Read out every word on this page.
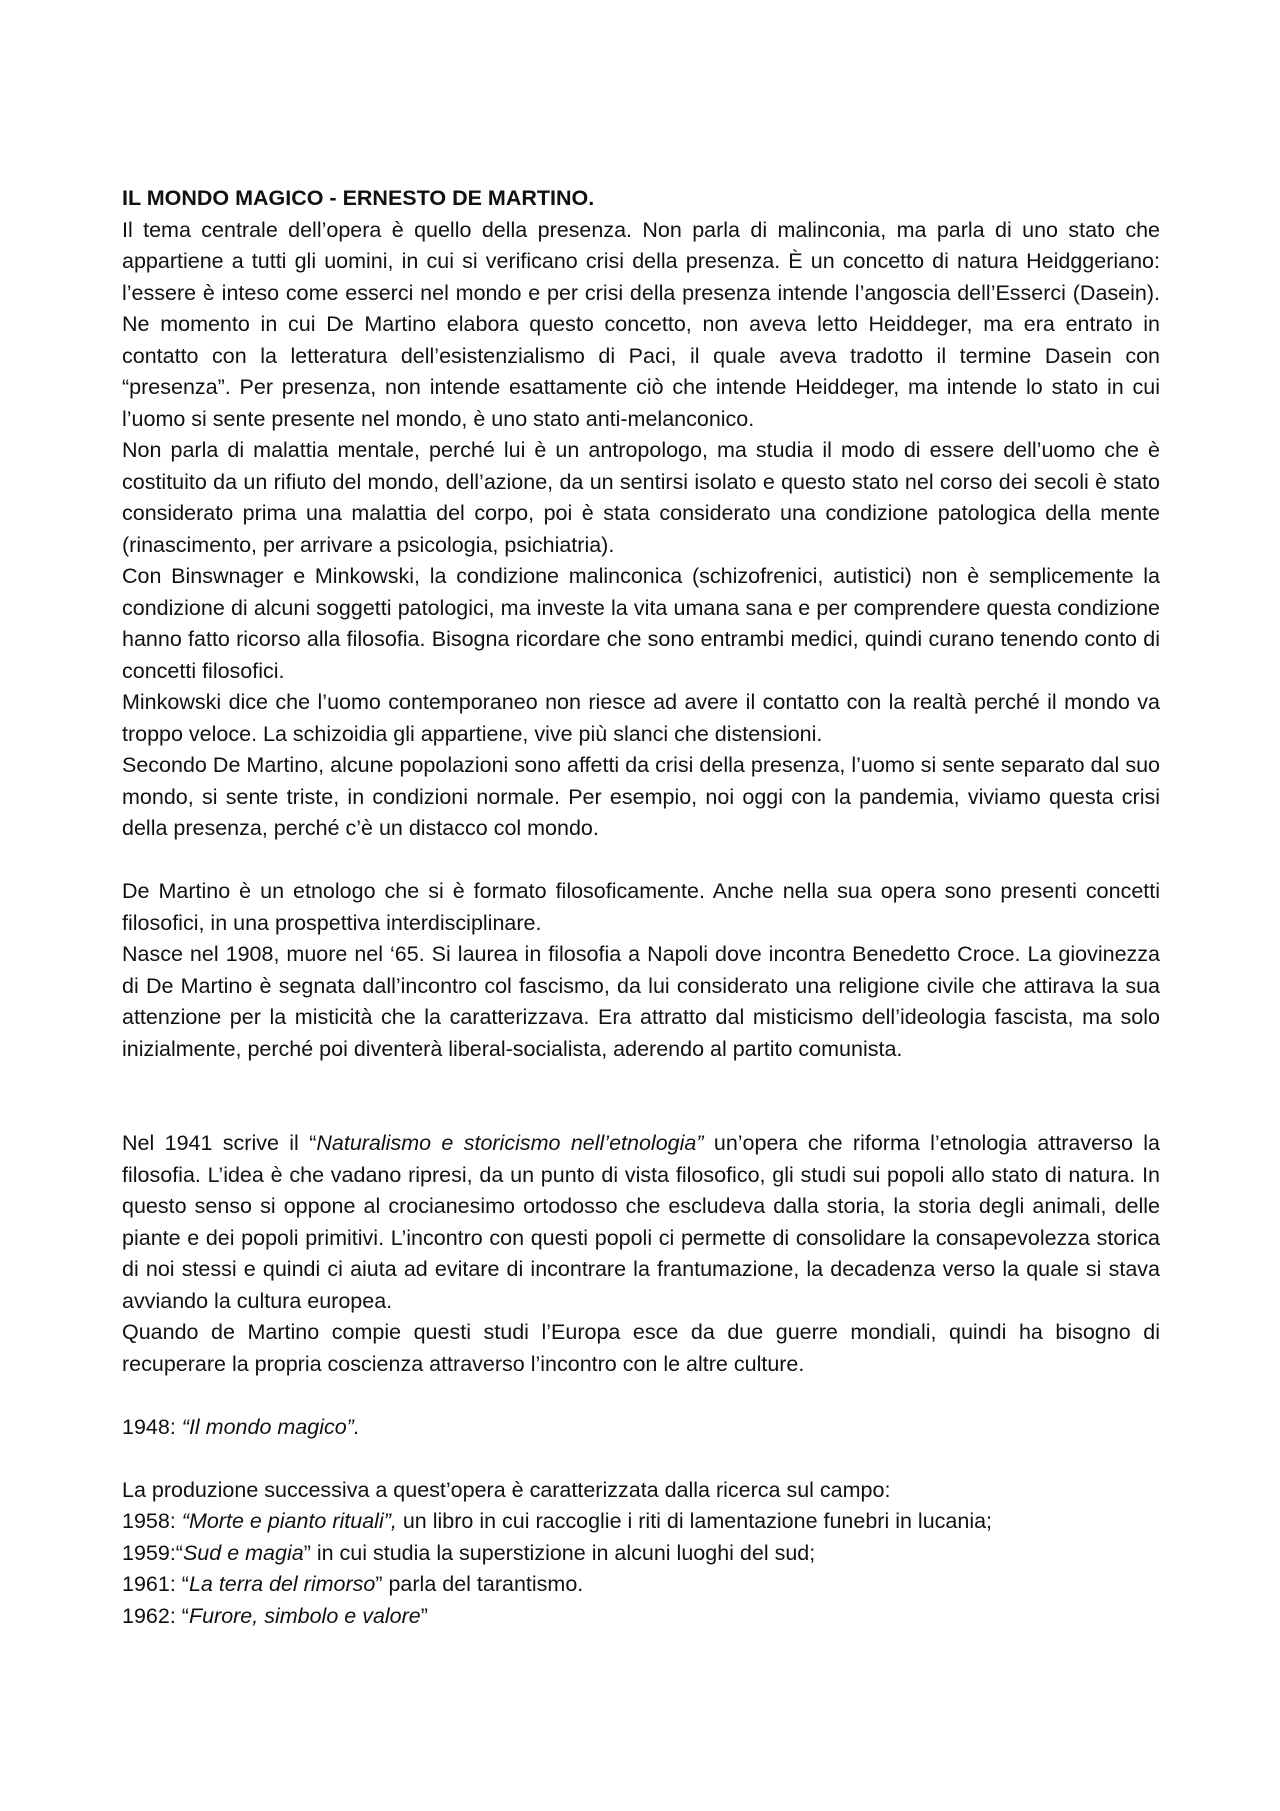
IL MONDO MAGICO - ERNESTO DE MARTINO.

Il tema centrale dell’opera è quello della presenza. Non parla di malinconia, ma parla di uno stato che appartiene a tutti gli uomini, in cui si verificano crisi della presenza. È un concetto di natura Heidggeriano: l’essere è inteso come esserci nel mondo e per crisi della presenza intende l’angoscia dell’Esserci (Dasein). Ne momento in cui De Martino elabora questo concetto, non aveva letto Heiddeger, ma era entrato in contatto con la letteratura dell’esistenzialismo di Paci, il quale aveva tradotto il termine Dasein con “presenza”. Per presenza, non intende esattamente ciò che intende Heiddeger, ma intende lo stato in cui l’uomo si sente presente nel mondo, è uno stato anti-melanconico.

Non parla di malattia mentale, perché lui è un antropologo, ma studia il modo di essere dell’uomo che è costituito da un rifiuto del mondo, dell’azione, da un sentirsi isolato e questo stato nel corso dei secoli è stato considerato prima una malattia del corpo, poi è stata considerato una condizione patologica della mente (rinascimento, per arrivare a psicologia, psichiatria).

Con Binswnager e Minkowski, la condizione malinconica (schizofrenici, autistici) non è semplicemente la condizione di alcuni soggetti patologici, ma investe la vita umana sana e per comprendere questa condizione hanno fatto ricorso alla filosofia. Bisogna ricordare che sono entrambi medici, quindi curano tenendo conto di concetti filosofici.

Minkowski dice che l’uomo contemporaneo non riesce ad avere il contatto con la realtà perché il mondo va troppo veloce. La schizoidia gli appartiene, vive più slanci che distensioni.

Secondo De Martino, alcune popolazioni sono affetti da crisi della presenza, l’uomo si sente separato dal suo mondo, si sente triste, in condizioni normale. Per esempio, noi oggi con la pandemia, viviamo questa crisi della presenza, perché c’è un distacco col mondo.

De Martino è un etnologo che si è formato filosoficamente. Anche nella sua opera sono presenti concetti filosofici, in una prospettiva interdisciplinare.

Nasce nel 1908, muore nel ‘65. Si laurea in filosofia a Napoli dove incontra Benedetto Croce. La giovinezza di De Martino è segnata dall’incontro col fascismo, da lui considerato una religione civile che attirava la sua attenzione per la misticità che la caratterizzava. Era attratto dal misticismo dell’ideologia fascista, ma solo inizialmente, perché poi diventerà liberal-socialista, aderendo al partito comunista.

Nel 1941 scrive il “Naturalismo e storicismo nell’etnologia” un’opera che riforma l’etnologia attraverso la filosofia. L’idea è che vadano ripresi, da un punto di vista filosofico, gli studi sui popoli allo stato di natura. In questo senso si oppone al crocianesimo ortodosso che escludeva dalla storia, la storia degli animali, delle piante e dei popoli primitivi. L’incontro con questi popoli ci permette di consolidare la consapevolezza storica di noi stessi e quindi ci aiuta ad evitare di incontrare la frantumazione, la decadenza verso la quale si stava avviando la cultura europea.

Quando de Martino compie questi studi l’Europa esce da due guerre mondiali, quindi ha bisogno di recuperare la propria coscienza attraverso l’incontro con le altre culture.

1948: “Il mondo magico”.

La produzione successiva a quest’opera è caratterizzata dalla ricerca sul campo:

1958: “Morte e pianto rituali”, un libro in cui raccoglie i riti di lamentazione funebri in lucania;

1959:“Sud e magia” in cui studia la superstizione in alcuni luoghi del sud;

1961: “La terra del rimorso” parla del tarantismo.

1962: “Furore, simbolo e valore”
